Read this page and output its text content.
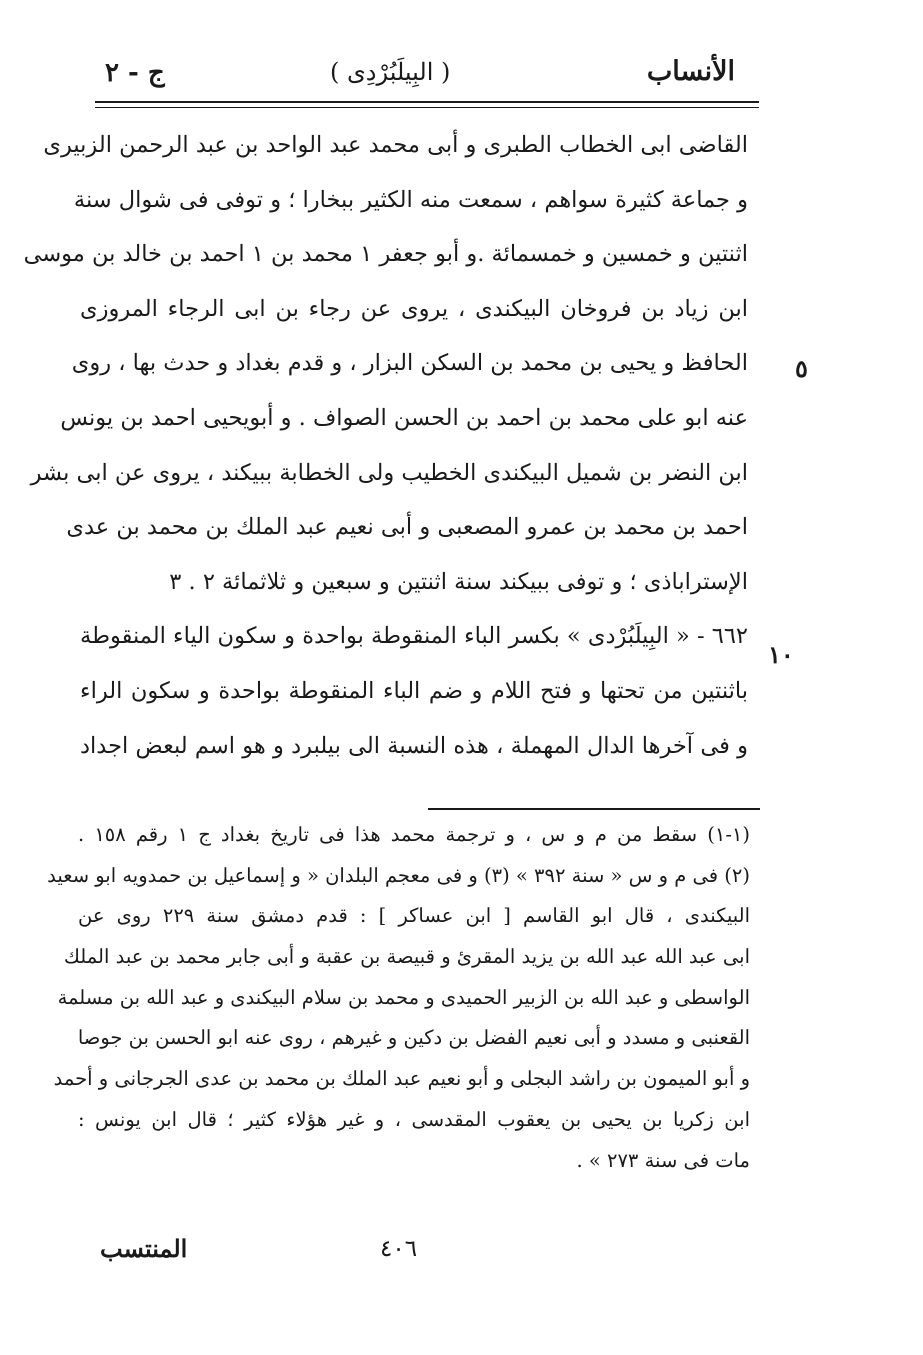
الأنساب
( البِيلَبُرْدِى )
ج - ٢
٥
١٠
القاضى ابى الخطاب الطبرى و أبى محمد عبد الواحد بن عبد الرحمن الزبيرى
و جماعة كثيرة سواهم ، سمعت منه الكثير ببخارا ؛ و توفى فى شوال سنة
اثنتين و خمسين و خمسمائة .و أبو جعفر ١ محمد بن ١ احمد بن خالد بن موسى
ابن زياد بن فروخان البيكندى ، يروى عن رجاء بن ابى الرجاء المروزى
الحافظ و يحيى بن محمد بن السكن البزار ، و قدم بغداد و حدث بها ، روى
عنه ابو على محمد بن احمد بن الحسن الصواف . و أبويحيى احمد بن يونس
ابن النضر بن شميل البيكندى الخطيب ولى الخطابة ببيكند ، يروى عن ابى بشر
احمد بن محمد بن عمرو المصعبى و أبى نعيم عبد الملك بن محمد بن عدى
الإستراباذى ؛ و توفى ببيكند سنة اثنتين و سبعين و ثلاثمائة ٢ . ٣
٦٦٢ - « البِيلَبُرْدى » بكسر الباء المنقوطة بواحدة و سكون الياء المنقوطة
باثنتين من تحتها و فتح اللام و ضم الباء المنقوطة بواحدة و سكون الراء
و فى آخرها الدال المهملة ، هذه النسبة الى بيلبرد و هو اسم لبعض اجداد
(١-١) سقط من م و س ، و ترجمة محمد هذا فى تاريخ بغداد ج ١ رقم ١٥٨ .
(٢) فى م و س « سنة ٣٩٢ » (٣) و فى معجم البلدان « و إسماعيل بن حمدويه ابو سعيد
البيكندى ، قال ابو القاسم [ ابن عساكر ] : قدم دمشق سنة ٢٢٩ روى عن
ابى عبد الله عبد الله بن يزيد المقرئ و قبيصة بن عقبة و أبى جابر محمد بن عبد الملك
الواسطى و عبد الله بن الزبير الحميدى و محمد بن سلام البيكندى و عبد الله بن مسلمة
القعنبى و مسدد و أبى نعيم الفضل بن دكين و غيرهم ، روى عنه ابو الحسن بن جوصا
و أبو الميمون بن راشد البجلى و أبو نعيم عبد الملك بن محمد بن عدى الجرجانى و أحمد
ابن زكريا بن يحيى بن يعقوب المقدسى ، و غير هؤلاء كثير ؛ قال ابن يونس :
مات فى سنة ٢٧٣ » .
٤٠٦
المنتسب
